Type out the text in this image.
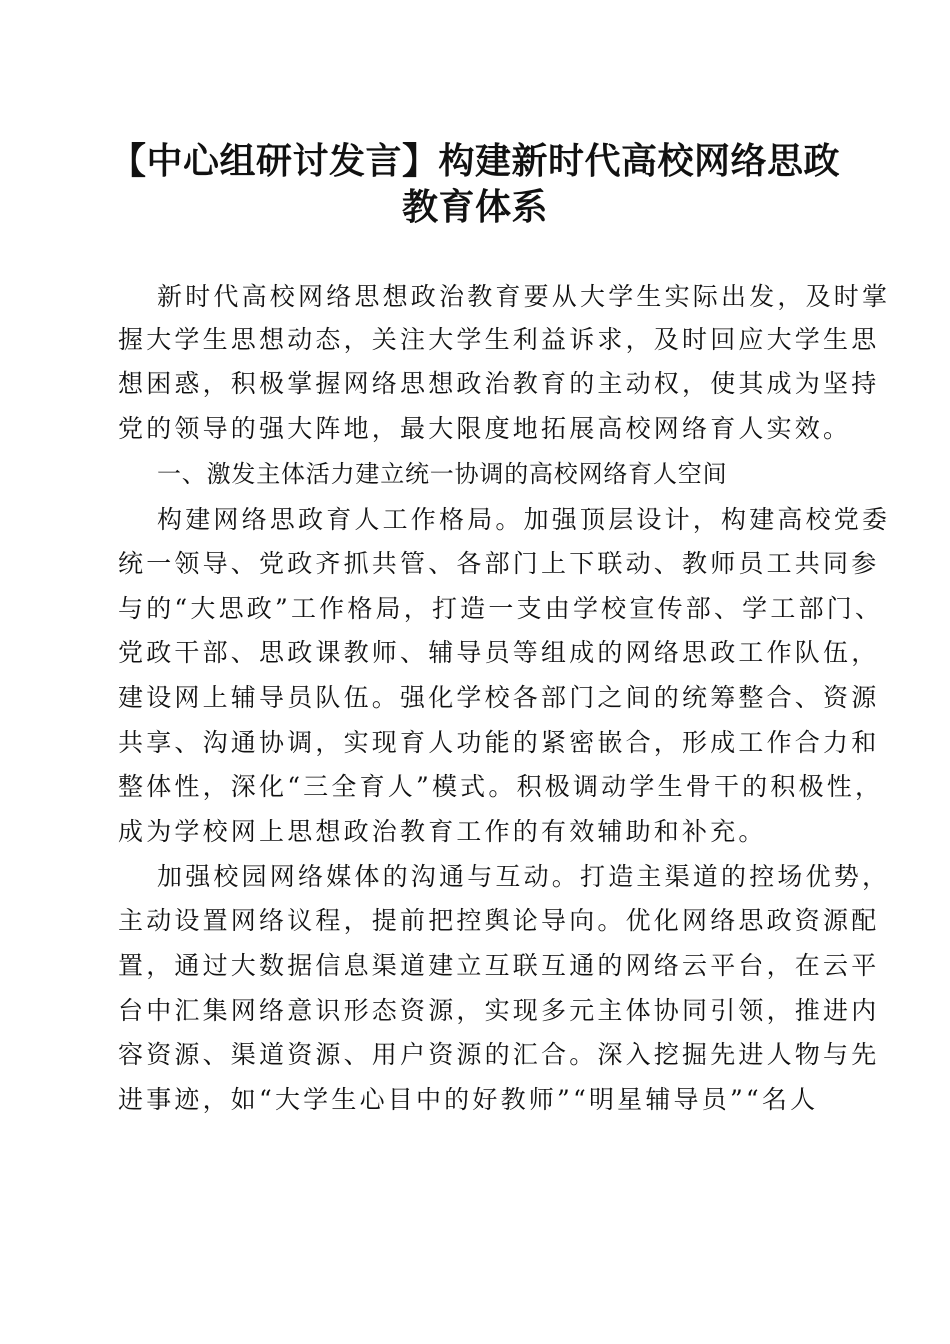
【中心组研讨发言】构建新时代高校网络思政
教育体系

新时代高校网络思想政治教育要从大学生实际出发，及时掌

握大学生思想动态，关注大学生利益诉求，及时回应大学生思

想困惑，积极掌握网络思想政治教育的主动权，使其成为坚持

党的领导的强大阵地，最大限度地拓展高校网络育人实效。

一、激发主体活力建立统一协调的高校网络育人空间

构建网络思政育人工作格局。加强顶层设计，构建高校党委

统一领导、党政齐抓共管、各部门上下联动、教师员工共同参

与的“大思政”工作格局，打造一支由学校宣传部、学工部门、

党政干部、思政课教师、辅导员等组成的网络思政工作队伍，

建设网上辅导员队伍。强化学校各部门之间的统筹整合、资源

共享、沟通协调，实现育人功能的紧密嵌合，形成工作合力和

整体性，深化“三全育人”模式。积极调动学生骨干的积极性，

成为学校网上思想政治教育工作的有效辅助和补充。

加强校园网络媒体的沟通与互动。打造主渠道的控场优势，

主动设置网络议程，提前把控舆论导向。优化网络思政资源配

置，通过大数据信息渠道建立互联互通的网络云平台，在云平

台中汇集网络意识形态资源，实现多元主体协同引领，推进内

容资源、渠道资源、用户资源的汇合。深入挖掘先进人物与先

进事迹，如“大学生心目中的好教师”“明星辅导员”“名人
